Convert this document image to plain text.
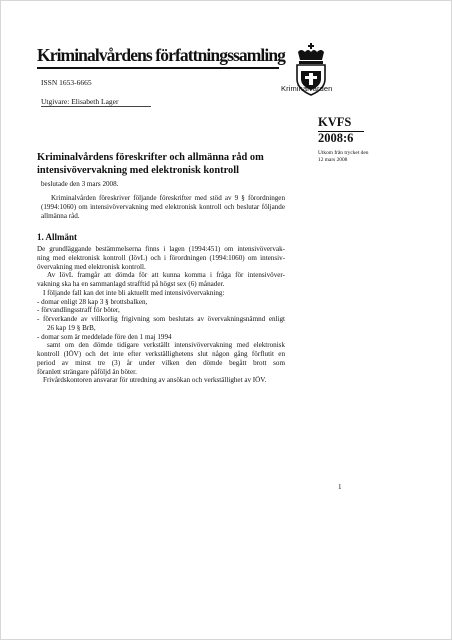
Kriminalvårdens författningssamling
Kriminalvården
ISSN 1653-6665
Utgivare: Elisabeth Lager
KVFS
2008:6
Utkom från trycket den
12 mars 2008
Kriminalvårdens föreskrifter och allmänna råd om
intensivövervakning med elektronisk kontroll
beslutade den 3 mars 2008.

Kriminalvården föreskriver följande föreskrifter med stöd av 9 § förordningen (1994:1060) om intensivövervakning med elektronisk kontroll och beslutar följande allmänna råd.

1. Allmänt
De grundläggande bestämmelserna finns i lagen (1994:451) om intensivövervak-
ning med elektronisk kontroll (IövL) och i förordningen (1994:1060) om intensiv-
övervakning med elektronisk kontroll.
Av IövL framgår att dömda för att kunna komma i fråga för intensivöver-
vakning ska ha en sammanlagd strafftid på högst sex (6) månader.
I följande fall kan det inte bli aktuellt med intensivövervakning:
- domar enligt 28 kap 3 § brottsbalken,
- förvandlingsstraff för böter,
- förverkande av villkorlig frigivning som beslutats av övervakningsnämnd enligt
26 kap 19 § BrB,
- domar som är meddelade före den 1 maj 1994
samt om den dömde tidigare verkställt intensivövervakning med elektronisk
kontroll (IÖV) och det inte efter verkställighetens slut någon gång förflutit en
period av minst tre (3) år under vilken den dömde begått brott som
föranlett strängare påföljd än böter.
Frivårdskontoren ansvarar för utredning av ansökan och verkställighet av IÖV.
1
